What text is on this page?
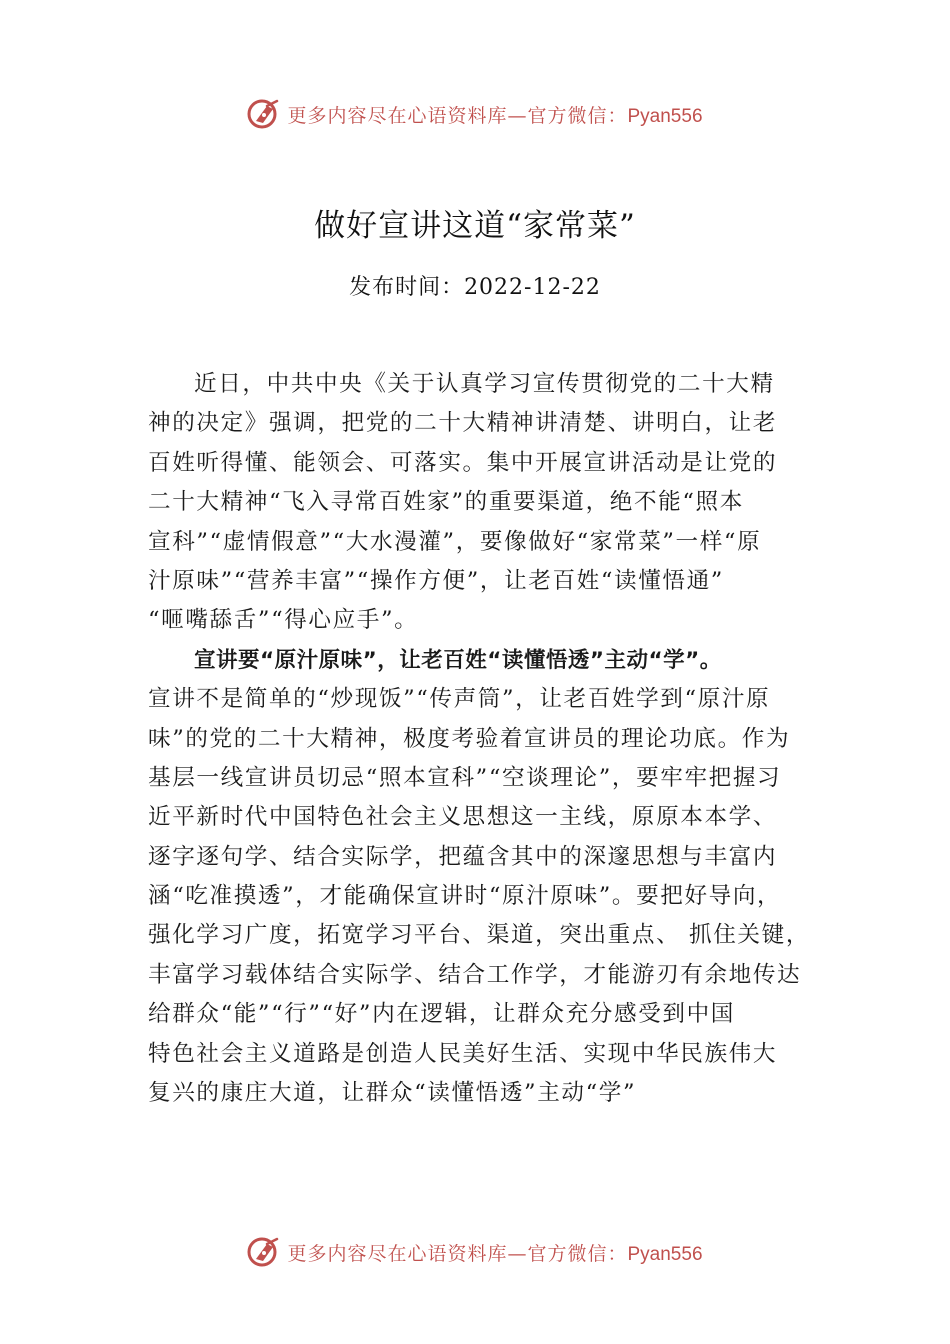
更多内容尽在心语资料库—官方微信：Pyan556
做好宣讲这道“家常菜”
发布时间：2022-12-22
近日，中共中央《关于认真学习宣传贯彻党的二十大精
神的决定》强调，把党的二十大精神讲清楚、讲明白，让老
百姓听得懂、能领会、可落实。集中开展宣讲活动是让党的
二十大精神“飞入寻常百姓家”的重要渠道，绝不能“照本
宣科”“虚情假意”“大水漫灌”，要像做好“家常菜”一样“原
汁原味”“营养丰富”“操作方便”，让老百姓“读懂悟通”
“咂嘴舔舌”“得心应手”。
宣讲要“原汁原味”，让老百姓“读懂悟透”主动“学”。
宣讲不是简单的“炒现饭”“传声筒”，让老百姓学到“原汁原
味”的党的二十大精神，极度考验着宣讲员的理论功底。作为
基层一线宣讲员切忌“照本宣科”“空谈理论”，要牢牢把握习
近平新时代中国特色社会主义思想这一主线，原原本本学、
逐字逐句学、结合实际学，把蕴含其中的深邃思想与丰富内
涵“吃准摸透”，才能确保宣讲时“原汁原味”。要把好导向，
强化学习广度，拓宽学习平台、渠道，突出重点、 抓住关键，
丰富学习载体结合实际学、结合工作学，才能游刃有余地传达
给群众“能”“行”“好”内在逻辑，让群众充分感受到中国
特色社会主义道路是创造人民美好生活、实现中华民族伟大
复兴的康庄大道，让群众“读懂悟透”主动“学”
更多内容尽在心语资料库—官方微信：Pyan556
